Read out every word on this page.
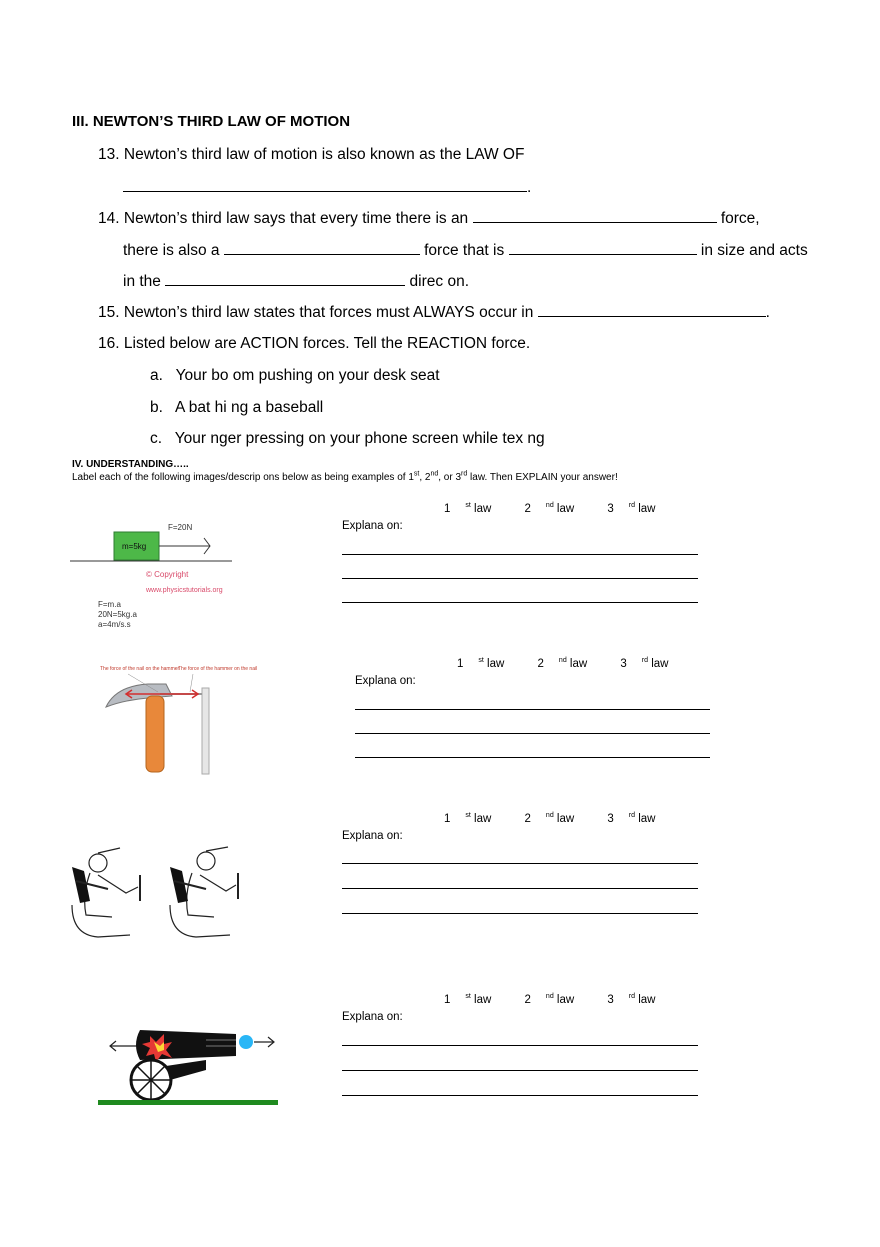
III. NEWTON’S THIRD LAW OF MOTION
13. Newton’s third law of motion is also known as the LAW OF
.
14. Newton’s third law says that every time there is an	force,
there is also a	force that is	in size and acts
in the	direc on.
15. Newton’s third law states that forces must ALWAYS occur in	.
16. Listed below are ACTION forces. Tell the REACTION force.
a. Your bo om pushing on your desk seat
b. A bat hi ng a baseball
c. Your nger pressing on your phone screen while tex ng
IV. UNDERSTANDING…..
Label each of the following images/descrip ons below as being examples of 1st, 2nd, or 3rd law. Then EXPLAIN your answer!
1 $^{st}$ law	2 $^{nd}$ law	3 $^{rd}$ law
Explana on:
1 $^{st}$ law	2 $^{nd}$ law	3 $^{rd}$ law
Explana on:
1 $^{st}$ law	2 $^{nd}$ law	3 $^{rd}$ law
Explana on:
1 $^{st}$ law	2 $^{nd}$ law	3 $^{rd}$ law
Explana on:
F=20N
m=5kg
© Copyright
www.physicstutorials.org
F=m.a
20N=5kg.a
a=4m/s.s
The force of the nail on the hammer
The force of the hammer on the nail
